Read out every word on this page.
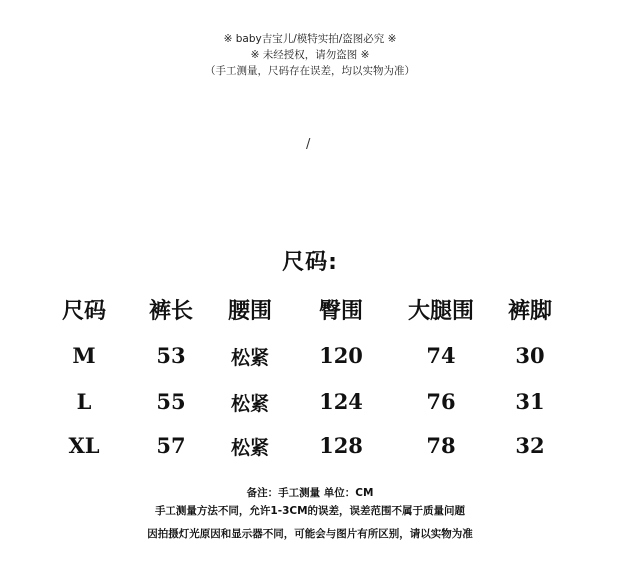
※ baby吉宝儿/模特实拍/盗图必究 ※
※ 未经授权，请勿盗图 ※
（手工测量，尺码存在误差，均以实物为准）
/
尺码:
尺码 裤长 腰围 臀围 大腿围 裤脚
M	53 松紧 120	74	30
L	55 松紧 124	76	31
XL	57 松紧 128	78	32
备注：手工测量 单位：CM
手工测量方法不同，允许1-3CM的误差，误差范围不属于质量问题
因拍摄灯光原因和显示器不同，可能会与图片有所区别，请以实物为准
